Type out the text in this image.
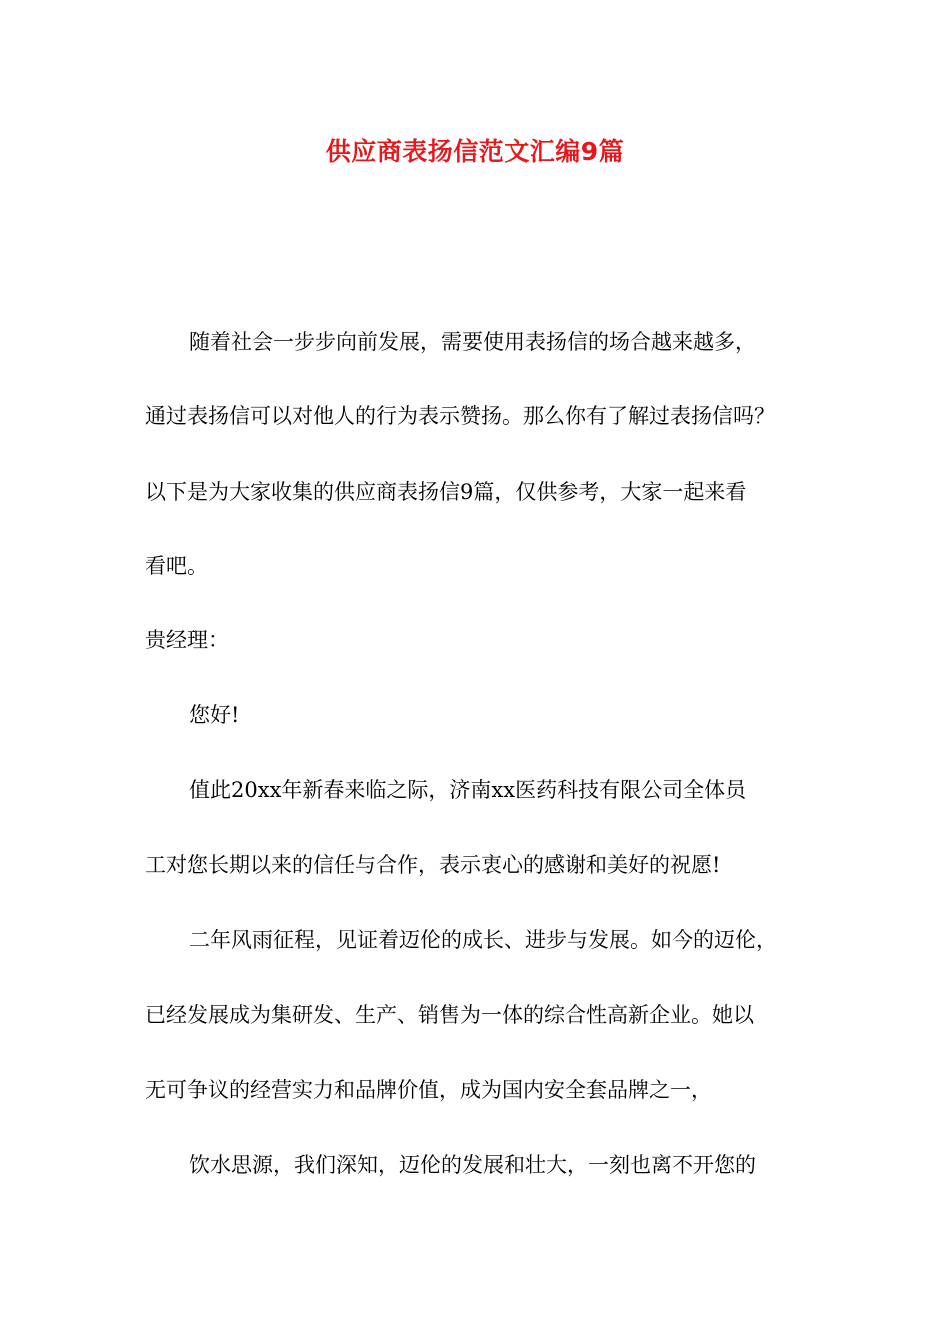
供应商表扬信范文汇编9篇
随着社会一步步向前发展，需要使用表扬信的场合越来越多，
通过表扬信可以对他人的行为表示赞扬。那么你有了解过表扬信吗？
以下是为大家收集的供应商表扬信9篇，仅供参考，大家一起来看
看吧。
贵经理：
您好!
值此20xx年新春来临之际，济南xx医药科技有限公司全体员
工对您长期以来的信任与合作，表示衷心的感谢和美好的祝愿!
二年风雨征程，见证着迈伦的成长、进步与发展。如今的迈伦，
已经发展成为集研发、生产、销售为一体的综合性高新企业。她以
无可争议的经营实力和品牌价值，成为国内安全套品牌之一，
饮水思源，我们深知，迈伦的发展和壮大，一刻也离不开您的
